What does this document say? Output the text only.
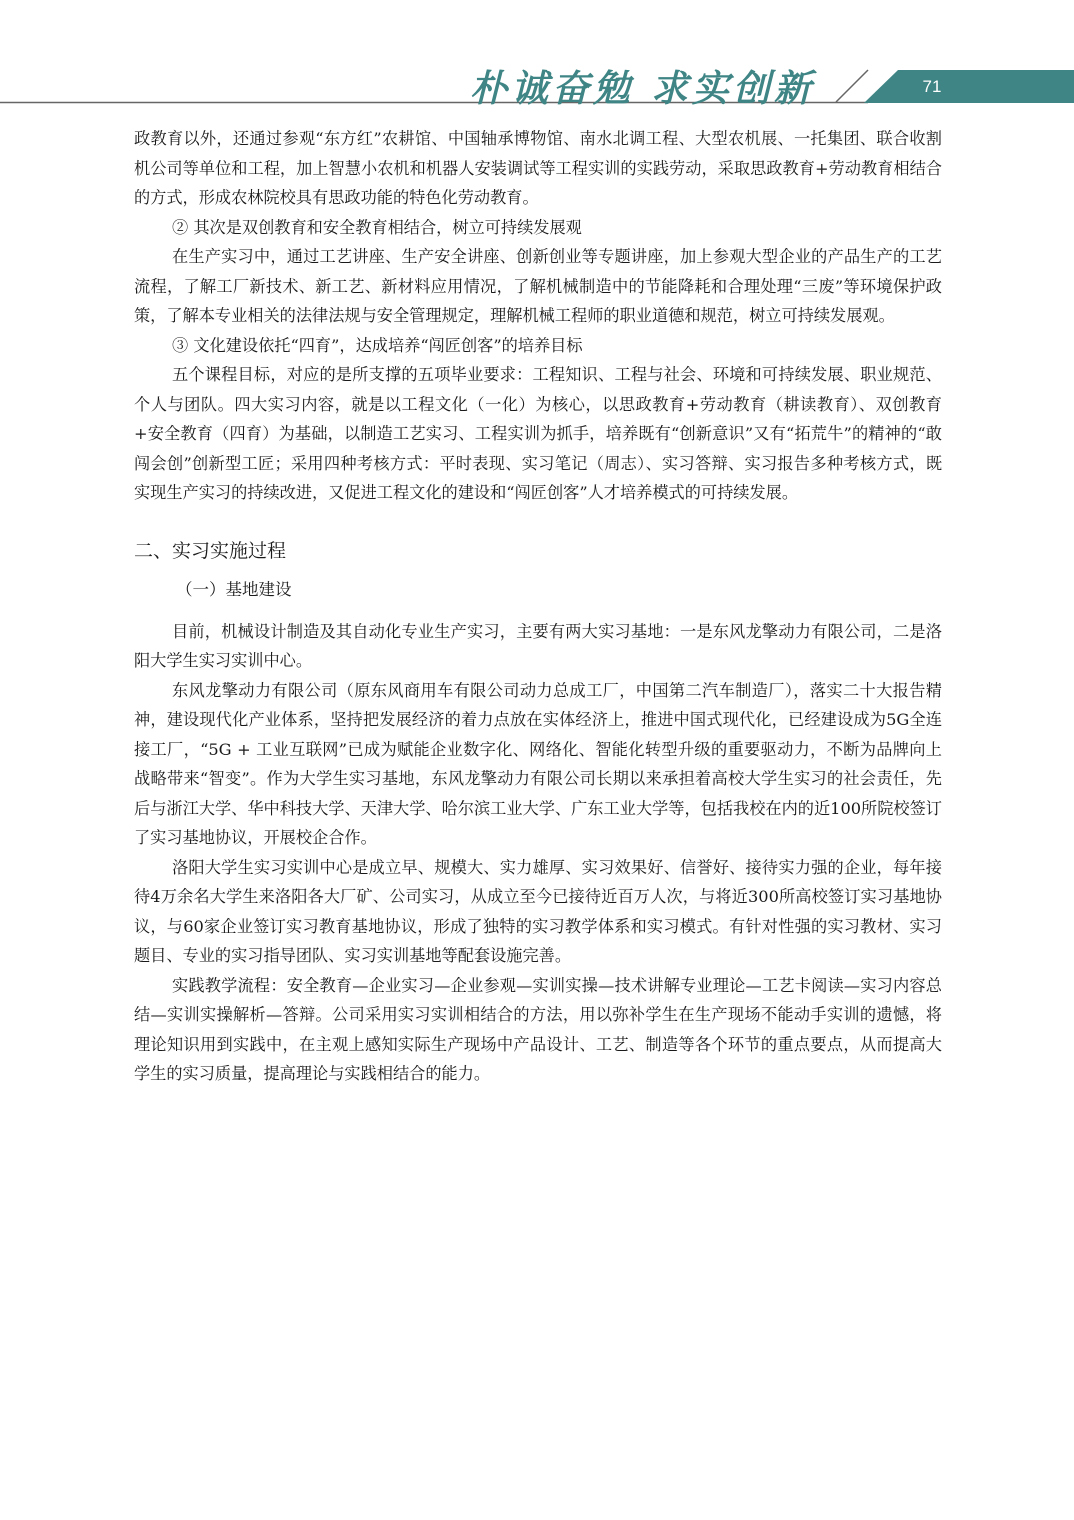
朴诚奋勉 求实创新	71

政教育以外，还通过参观“东方红”农耕馆、中国轴承博物馆、南水北调工程、大型农机展、一托集团、联合收割机公司等单位和工程，加上智慧小农机和机器人安装调试等工程实训的实践劳动，采取思政教育+劳动教育相结合的方式，形成农林院校具有思政功能的特色化劳动教育。

② 其次是双创教育和安全教育相结合，树立可持续发展观

在生产实习中，通过工艺讲座、生产安全讲座、创新创业等专题讲座，加上参观大型企业的产品生产的工艺流程，了解工厂新技术、新工艺、新材料应用情况，了解机械制造中的节能降耗和合理处理“三废”等环境保护政策，了解本专业相关的法律法规与安全管理规定，理解机械工程师的职业道德和规范，树立可持续发展观。

③ 文化建设依托“四育”，达成培养“闯匠创客”的培养目标

五个课程目标，对应的是所支撑的五项毕业要求：工程知识、工程与社会、环境和可持续发展、职业规范、个人与团队。四大实习内容，就是以工程文化（一化）为核心，以思政教育+劳动教育（耕读教育）、双创教育+安全教育（四育）为基础，以制造工艺实习、工程实训为抓手，培养既有“创新意识”又有“拓荒牛”的精神的“敢闯会创”创新型工匠；采用四种考核方式：平时表现、实习笔记（周志）、实习答辩、实习报告多种考核方式，既实现生产实习的持续改进，又促进工程文化的建设和“闯匠创客”人才培养模式的可持续发展。

二、实习实施过程
（一）基地建设

目前，机械设计制造及其自动化专业生产实习，主要有两大实习基地：一是东风龙擎动力有限公司，二是洛阳大学生实习实训中心。

东风龙擎动力有限公司（原东风商用车有限公司动力总成工厂，中国第二汽车制造厂），落实二十大报告精神，建设现代化产业体系，坚持把发展经济的着力点放在实体经济上，推进中国式现代化，已经建设成为5G全连接工厂，“5G + 工业互联网”已成为赋能企业数字化、网络化、智能化转型升级的重要驱动力，不断为品牌向上战略带来“智变”。作为大学生实习基地，东风龙擎动力有限公司长期以来承担着高校大学生实习的社会责任，先后与浙江大学、华中科技大学、天津大学、哈尔滨工业大学、广东工业大学等，包括我校在内的近100所院校签订了实习基地协议，开展校企合作。

洛阳大学生实习实训中心是成立早、规模大、实力雄厚、实习效果好、信誉好、接待实力强的企业，每年接待4万余名大学生来洛阳各大厂矿、公司实习，从成立至今已接待近百万人次，与将近300所高校签订实习基地协议，与60家企业签订实习教育基地协议，形成了独特的实习教学体系和实习模式。有针对性强的实习教材、实习题目、专业的实习指导团队、实习实训基地等配套设施完善。

实践教学流程：安全教育—企业实习—企业参观—实训实操—技术讲解专业理论—工艺卡阅读—实习内容总结—实训实操解析—答辩。公司采用实习实训相结合的方法，用以弥补学生在生产现场不能动手实训的遗憾，将理论知识用到实践中，在主观上感知实际生产现场中产品设计、工艺、制造等各个环节的重点要点，从而提高大学生的实习质量，提高理论与实践相结合的能力。
